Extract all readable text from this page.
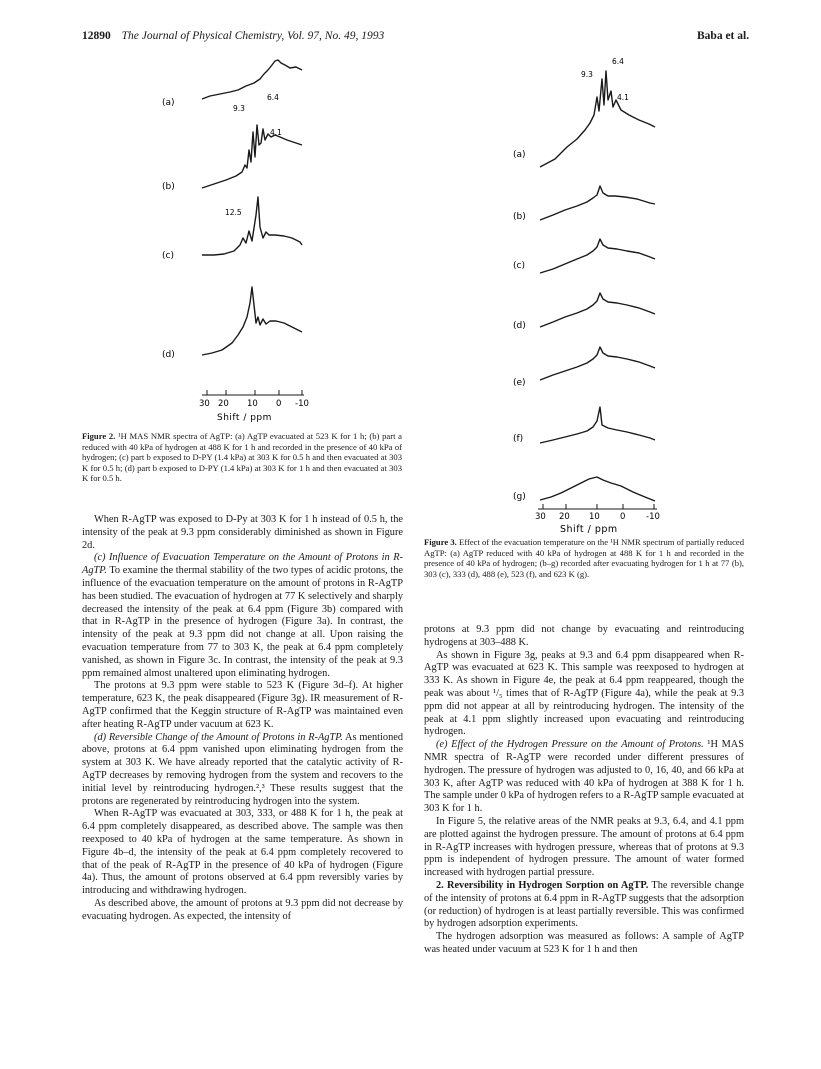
12890 The Journal of Physical Chemistry, Vol. 97, No. 49, 1993	Baba et al.
(a)
(b)
(c)
(d)
9.3
6.4
4.1
12.5
30 20 10 0 -10
Shift / ppm

Figure 2. ¹H MAS NMR spectra of AgTP: (a) AgTP evacuated at 523 K for 1 h; (b) part a reduced with 40 kPa of hydrogen at 488 K for 1 h and recorded in the presence of 40 kPa of hydrogen; (c) part b exposed to D-PY (1.4 kPa) at 303 K for 0.5 h and then evacuated at 303 K for 0.5 h; (d) part b exposed to D-PY (1.4 kPa) at 303 K for 1 h and then evacuated at 303 K for 0.5 h.

(a)
(b)
(c)
(d)
(e)
(f)
(g)
9.3
6.4
4.1
30 20 10 0 -10
Shift / ppm

Figure 3. Effect of the evacuation temperature on the ¹H NMR spectrum of partially reduced AgTP: (a) AgTP reduced with 40 kPa of hydrogen at 488 K for 1 h and recorded in the presence of 40 kPa of hydrogen; (b–g) recorded after evacuating hydrogen for 1 h at 77 (b), 303 (c), 333 (d), 488 (e), 523 (f), and 623 K (g).

When R-AgTP was exposed to D-Py at 303 K for 1 h instead of 0.5 h, the intensity of the peak at 9.3 ppm considerably diminished as shown in Figure 2d.

(c) Influence of Evacuation Temperature on the Amount of Protons in R-AgTP. To examine the thermal stability of the two types of acidic protons, the influence of the evacuation temperature on the amount of protons in R-AgTP has been studied. The evacuation of hydrogen at 77 K selectively and sharply decreased the intensity of the peak at 6.4 ppm (Figure 3b) compared with that in R-AgTP in the presence of hydrogen (Figure 3a). In contrast, the intensity of the peak at 9.3 ppm did not change at all. Upon raising the evacuation temperature from 77 to 303 K, the peak at 6.4 ppm completely vanished, as shown in Figure 3c. In contrast, the intensity of the peak at 9.3 ppm remained almost unaltered upon eliminating hydrogen.

The protons at 9.3 ppm were stable to 523 K (Figure 3d–f). At higher temperature, 623 K, the peak disappeared (Figure 3g). IR measurement of R-AgTP confirmed that the Keggin structure of R-AgTP was maintained even after heating R-AgTP under vacuum at 623 K.

(d) Reversible Change of the Amount of Protons in R-AgTP. As mentioned above, protons at 6.4 ppm vanished upon eliminating hydrogen from the system at 303 K. We have already reported that the catalytic activity of R-AgTP decreases by removing hydrogen from the system and recovers to the initial level by reintroducing hydrogen.²,³ These results suggest that the protons are regenerated by reintroducing hydrogen into the system.

When R-AgTP was evacuated at 303, 333, or 488 K for 1 h, the peak at 6.4 ppm completely disappeared, as described above. The sample was then reexposed to 40 kPa of hydrogen at the same temperature. As shown in Figure 4b–d, the intensity of the peak at 6.4 ppm completely recovered to that of the peak of R-AgTP in the presence of 40 kPa of hydrogen (Figure 4a). Thus, the amount of protons observed at 6.4 ppm reversibly varies by introducing and withdrawing hydrogen.

As described above, the amount of protons at 9.3 ppm did not decrease by evacuating hydrogen. As expected, the intensity of

protons at 9.3 ppm did not change by evacuating and reintroducing hydrogens at 303–488 K.

As shown in Figure 3g, peaks at 9.3 and 6.4 ppm disappeared when R-AgTP was evacuated at 623 K. This sample was reexposed to hydrogen at 333 K. As shown in Figure 4e, the peak at 6.4 ppm reappeared, though the peak was about ¹/₅ times that of R-AgTP (Figure 4a), while the peak at 9.3 ppm did not appear at all by reintroducing hydrogen. The intensity of the peak at 4.1 ppm slightly increased upon evacuating and reintroducing hydrogen.

(e) Effect of the Hydrogen Pressure on the Amount of Protons. ¹H MAS NMR spectra of R-AgTP were recorded under different pressures of hydrogen. The pressure of hydrogen was adjusted to 0, 16, 40, and 66 kPa at 303 K, after AgTP was reduced with 40 kPa of hydrogen at 388 K for 1 h. The sample under 0 kPa of hydrogen refers to a R-AgTP sample evacuated at 303 K for 1 h.

In Figure 5, the relative areas of the NMR peaks at 9.3, 6.4, and 4.1 ppm are plotted against the hydrogen pressure. The amount of protons at 6.4 ppm in R-AgTP increases with hydrogen pressure, whereas that of protons at 9.3 ppm is independent of hydrogen pressure. The amount of water formed increased with hydrogen partial pressure.

2. Reversibility in Hydrogen Sorption on AgTP. The reversible change of the intensity of protons at 6.4 ppm in R-AgTP suggests that the adsorption (or reduction) of hydrogen is at least partially reversible. This was confirmed by hydrogen adsorption experiments.

The hydrogen adsorption was measured as follows: A sample of AgTP was heated under vacuum at 523 K for 1 h and then
